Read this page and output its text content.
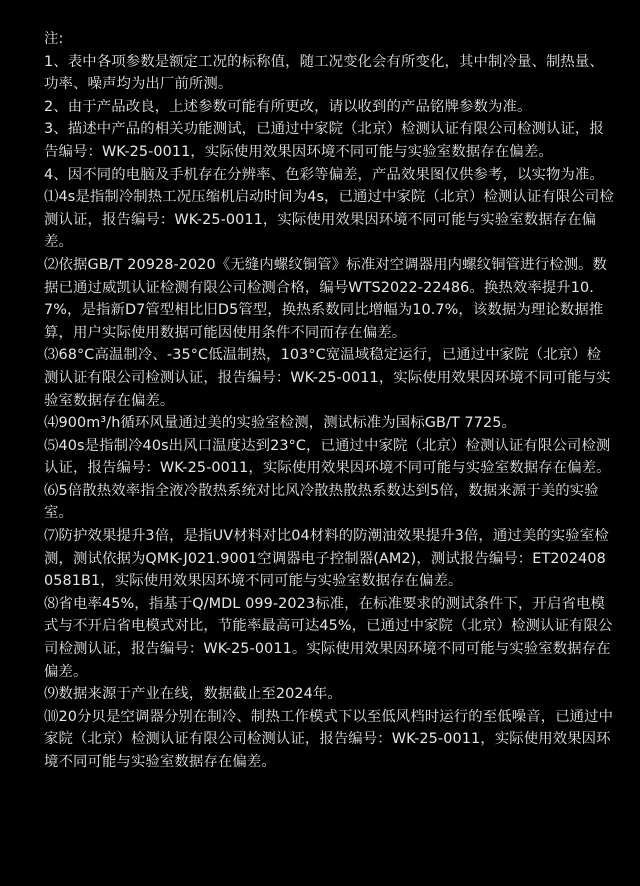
注:

1、表中各项参数是额定工况的标称值，随工况变化会有所变化，其中制冷量、制热量、功率、噪声均为出厂前所测。

2、由于产品改良，上述参数可能有所更改，请以收到的产品铭牌参数为准。

3、描述中产品的相关功能测试，已通过中家院（北京）检测认证有限公司检测认证，报告编号：WK-25-0011，实际使用效果因环境不同可能与实验室数据存在偏差。

4、因不同的电脑及手机存在分辨率、色彩等偏差，产品效果图仅供参考，以实物为准。

⑴4s是指制冷制热工况压缩机启动时间为4s，已通过中家院（北京）检测认证有限公司检测认证，报告编号：WK-25-0011，实际使用效果因环境不同可能与实验室数据存在偏差。

⑵依据GB/T 20928-2020《无缝内螺纹铜管》标准对空调器用内螺纹铜管进行检测。数据已通过威凯认证检测有限公司检测合格，编号WTS2022-22486。换热效率提升10.7%，是指新D7管型相比旧D5管型，换热系数同比增幅为10.7%，该数据为理论数据推算，用户实际使用数据可能因使用条件不同而存在偏差。

⑶68°C高温制冷、-35°C低温制热，103°C宽温域稳定运行，已通过中家院（北京）检测认证有限公司检测认证，报告编号：WK-25-0011，实际使用效果因环境不同可能与实验室数据存在偏差。

⑷900m³/h循环风量通过美的实验室检测，测试标准为国标GB/T 7725。

⑸40s是指制冷40s出风口温度达到23°C，已通过中家院（北京）检测认证有限公司检测认证，报告编号：WK-25-0011，实际使用效果因环境不同可能与实验室数据存在偏差。

⑹5倍散热效率指全液冷散热系统对比风冷散热散热系数达到5倍，数据来源于美的实验室。

⑺防护效果提升3倍，是指UV材料对比04材料的防潮油效果提升3倍，通过美的实验室检测，测试依据为QMK-J021.9001空调器电子控制器(AM2)，测试报告编号：ET2024080581B1，实际使用效果因环境不同可能与实验室数据存在偏差。

⑻省电率45%，指基于Q/MDL 099-2023标准，在标准要求的测试条件下，开启省电模式与不开启省电模式对比，节能率最高可达45%，已通过中家院（北京）检测认证有限公司检测认证，报告编号：WK-25-0011。实际使用效果因环境不同可能与实验室数据存在偏差。

⑼数据来源于产业在线，数据截止至2024年。

⑽20分贝是空调器分别在制冷、制热工作模式下以至低风档时运行的至低噪音，已通过中家院（北京）检测认证有限公司检测认证，报告编号：WK-25-0011，实际使用效果因环境不同可能与实验室数据存在偏差。
